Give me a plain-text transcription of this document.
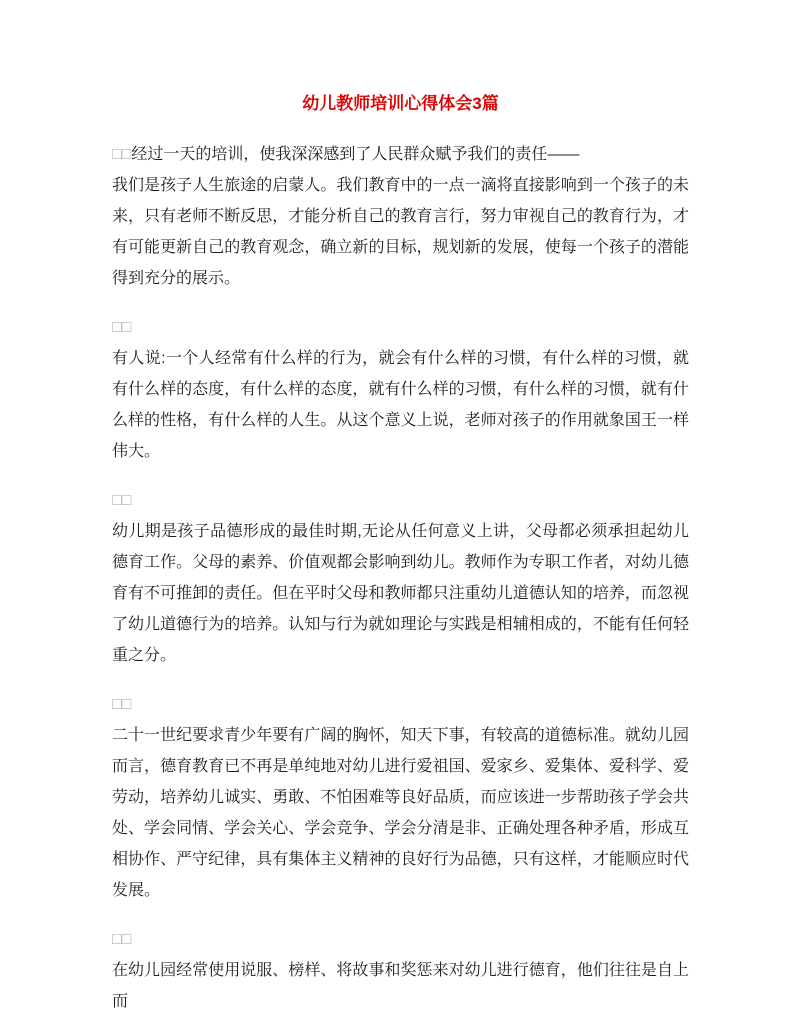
幼儿教师培训心得体会3篇

□□经过一天的培训，使我深深感到了人民群众赋予我们的责任——
我们是孩子人生旅途的启蒙人。我们教育中的一点一滴将直接影响到一个孩子的未来，只有老师不断反思，才能分析自己的教育言行，努力审视自己的教育行为，才有可能更新自己的教育观念，确立新的目标，规划新的发展，使每一个孩子的潜能得到充分的展示。

□□
有人说:一个人经常有什么样的行为，就会有什么样的习惯，有什么样的习惯，就有什么样的态度，有什么样的态度，就有什么样的习惯，有什么样的习惯，就有什么样的性格，有什么样的人生。从这个意义上说，老师对孩子的作用就象国王一样伟大。

□□
幼儿期是孩子品德形成的最佳时期,无论从任何意义上讲，父母都必须承担起幼儿德育工作。父母的素养、价值观都会影响到幼儿。教师作为专职工作者，对幼儿德育有不可推卸的责任。但在平时父母和教师都只注重幼儿道德认知的培养，而忽视了幼儿道德行为的培养。认知与行为就如理论与实践是相辅相成的，不能有任何轻重之分。

□□
二十一世纪要求青少年要有广阔的胸怀，知天下事，有较高的道德标准。就幼儿园而言，德育教育已不再是单纯地对幼儿进行爱祖国、爱家乡、爱集体、爱科学、爱劳动，培养幼儿诚实、勇敢、不怕困难等良好品质，而应该进一步帮助孩子学会共处、学会同情、学会关心、学会竞争、学会分清是非、正确处理各种矛盾，形成互相协作、严守纪律，具有集体主义精神的良好行为品德，只有这样，才能顺应时代发展。

□□
在幼儿园经常使用说服、榜样、将故事和奖惩来对幼儿进行德育，他们往往是自上而
